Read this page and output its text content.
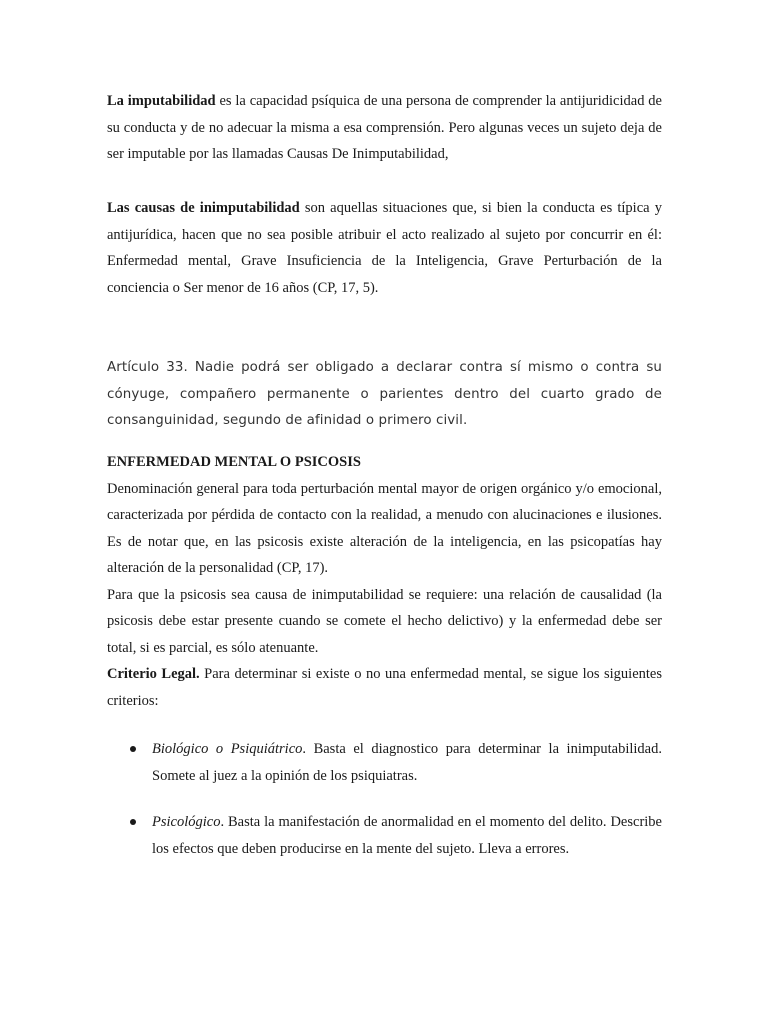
La imputabilidad es la capacidad psíquica de una persona de comprender la antijuridicidad de su conducta y de no adecuar la misma a esa comprensión. Pero algunas veces un sujeto deja de ser imputable por las llamadas Causas De Inimputabilidad,

Las causas de inimputabilidad son aquellas situaciones que, si bien la conducta es típica y antijurídica, hacen que no sea posible atribuir el acto realizado al sujeto por concurrir en él: Enfermedad mental, Grave Insuficiencia de la Inteligencia, Grave Perturbación de la conciencia o Ser menor de 16 años (CP, 17, 5).

Artículo 33. Nadie podrá ser obligado a declarar contra sí mismo o contra su cónyuge, compañero permanente o parientes dentro del cuarto grado de consanguinidad, segundo de afinidad o primero civil.

ENFERMEDAD MENTAL O PSICOSIS

Denominación general para toda perturbación mental mayor de origen orgánico y/o emocional, caracterizada por pérdida de contacto con la realidad, a menudo con alucinaciones e ilusiones. Es de notar que, en las psicosis existe alteración de la inteligencia, en las psicopatías hay alteración de la personalidad (CP, 17).

Para que la psicosis sea causa de inimputabilidad se requiere: una relación de causalidad (la psicosis debe estar presente cuando se comete el hecho delictivo) y la enfermedad debe ser total, si es parcial, es sólo atenuante.

Criterio Legal. Para determinar si existe o no una enfermedad mental, se sigue los siguientes criterios:

Biológico o Psiquiátrico. Basta el diagnostico para determinar la inimputabilidad. Somete al juez a la opinión de los psiquiatras.
Psicológico. Basta la manifestación de anormalidad en el momento del delito. Describe los efectos que deben producirse en la mente del sujeto. Lleva a errores.
